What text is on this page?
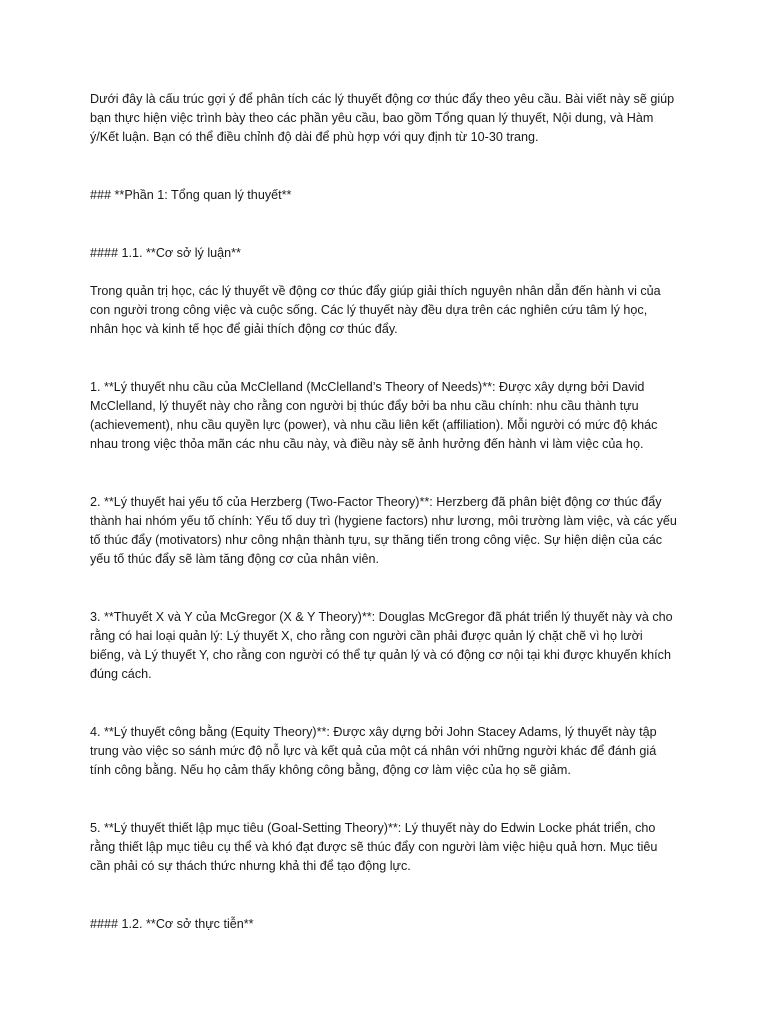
Dưới đây là cấu trúc gợi ý để phân tích các lý thuyết động cơ thúc đẩy theo yêu cầu. Bài viết này sẽ giúp bạn thực hiện việc trình bày theo các phần yêu cầu, bao gồm Tổng quan lý thuyết, Nội dung, và Hàm ý/Kết luận. Bạn có thể điều chỉnh độ dài để phù hợp với quy định từ 10-30 trang.

### **Phần 1: Tổng quan lý thuyết**

#### 1.1. **Cơ sở lý luận**

Trong quản trị học, các lý thuyết về động cơ thúc đẩy giúp giải thích nguyên nhân dẫn đến hành vi của con người trong công việc và cuộc sống. Các lý thuyết này đều dựa trên các nghiên cứu tâm lý học, nhân học và kinh tế học để giải thích động cơ thúc đẩy.

1. **Lý thuyết nhu cầu của McClelland (McClelland’s Theory of Needs)**: Được xây dựng bởi David McClelland, lý thuyết này cho rằng con người bị thúc đẩy bởi ba nhu cầu chính: nhu cầu thành tựu (achievement), nhu cầu quyền lực (power), và nhu cầu liên kết (affiliation). Mỗi người có mức độ khác nhau trong việc thỏa mãn các nhu cầu này, và điều này sẽ ảnh hưởng đến hành vi làm việc của họ.

2. **Lý thuyết hai yếu tố của Herzberg (Two-Factor Theory)**: Herzberg đã phân biệt động cơ thúc đẩy thành hai nhóm yếu tố chính: Yếu tố duy trì (hygiene factors) như lương, môi trường làm việc, và các yếu tố thúc đẩy (motivators) như công nhận thành tựu, sự thăng tiến trong công việc. Sự hiện diện của các yếu tố thúc đẩy sẽ làm tăng động cơ của nhân viên.

3. **Thuyết X và Y của McGregor (X & Y Theory)**: Douglas McGregor đã phát triển lý thuyết này và cho rằng có hai loại quản lý: Lý thuyết X, cho rằng con người cần phải được quản lý chặt chẽ vì họ lười biếng, và Lý thuyết Y, cho rằng con người có thể tự quản lý và có động cơ nội tại khi được khuyến khích đúng cách.

4. **Lý thuyết công bằng (Equity Theory)**: Được xây dựng bởi John Stacey Adams, lý thuyết này tập trung vào việc so sánh mức độ nỗ lực và kết quả của một cá nhân với những người khác để đánh giá tính công bằng. Nếu họ cảm thấy không công bằng, động cơ làm việc của họ sẽ giảm.

5. **Lý thuyết thiết lập mục tiêu (Goal-Setting Theory)**: Lý thuyết này do Edwin Locke phát triển, cho rằng thiết lập mục tiêu cụ thể và khó đạt được sẽ thúc đẩy con người làm việc hiệu quả hơn. Mục tiêu cần phải có sự thách thức nhưng khả thi để tạo động lực.

#### 1.2. **Cơ sở thực tiễn**
